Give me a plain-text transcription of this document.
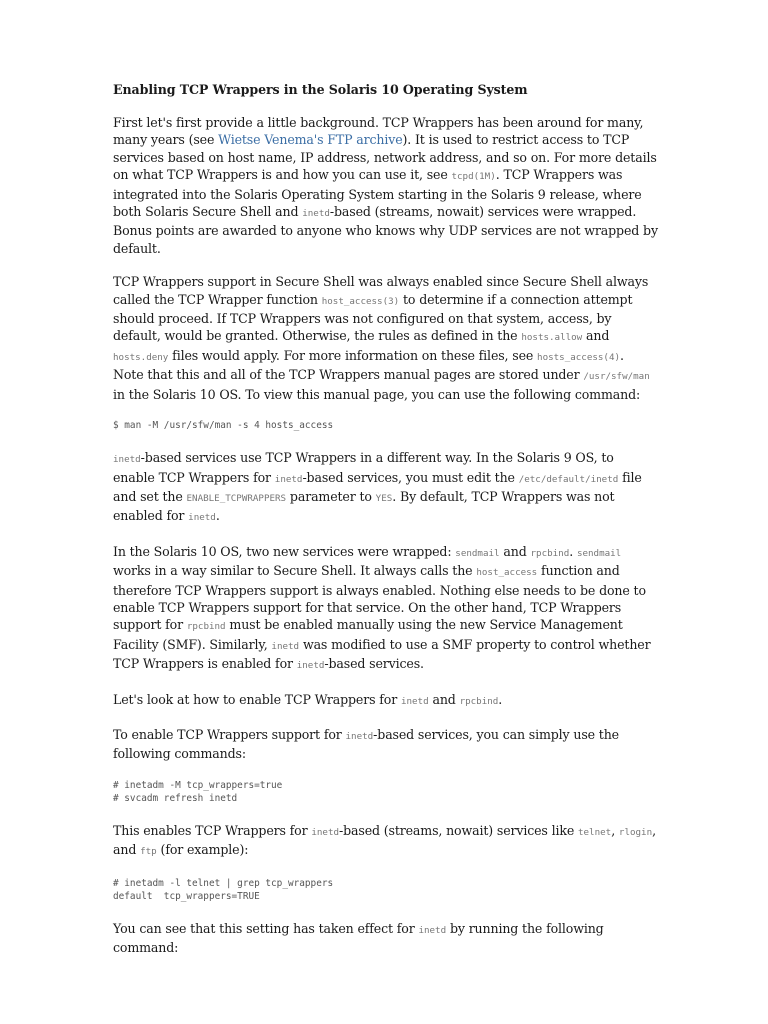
Enabling TCP Wrappers in the Solaris 10 Operating System

First let's first provide a little background. TCP Wrappers has been around for many, many years (see Wietse Venema's FTP archive). It is used to restrict access to TCP services based on host name, IP address, network address, and so on. For more details on what TCP Wrappers is and how you can use it, see tcpd(1M). TCP Wrappers was integrated into the Solaris Operating System starting in the Solaris 9 release, where both Solaris Secure Shell and inetd-based (streams, nowait) services were wrapped. Bonus points are awarded to anyone who knows why UDP services are not wrapped by default.

TCP Wrappers support in Secure Shell was always enabled since Secure Shell always called the TCP Wrapper function host_access(3) to determine if a connection attempt should proceed. If TCP Wrappers was not configured on that system, access, by default, would be granted. Otherwise, the rules as defined in the hosts.allow and hosts.deny files would apply. For more information on these files, see hosts_access(4). Note that this and all of the TCP Wrappers manual pages are stored under /usr/sfw/man in the Solaris 10 OS. To view this manual page, you can use the following command:

$ man -M /usr/sfw/man -s 4 hosts_access

inetd-based services use TCP Wrappers in a different way. In the Solaris 9 OS, to enable TCP Wrappers for inetd-based services, you must edit the /etc/default/inetd file and set the ENABLE_TCPWRAPPERS parameter to YES. By default, TCP Wrappers was not enabled for inetd.

In the Solaris 10 OS, two new services were wrapped: sendmail and rpcbind. sendmail works in a way similar to Secure Shell. It always calls the host_access function and therefore TCP Wrappers support is always enabled. Nothing else needs to be done to enable TCP Wrappers support for that service. On the other hand, TCP Wrappers support for rpcbind must be enabled manually using the new Service Management Facility (SMF). Similarly, inetd was modified to use a SMF property to control whether TCP Wrappers is enabled for inetd-based services.

Let's look at how to enable TCP Wrappers for inetd and rpcbind.

To enable TCP Wrappers support for inetd-based services, you can simply use the following commands:

# inetadm -M tcp_wrappers=true
# svcadm refresh inetd

This enables TCP Wrappers for inetd-based (streams, nowait) services like telnet, rlogin, and ftp (for example):

# inetadm -l telnet | grep tcp_wrappers
default  tcp_wrappers=TRUE

You can see that this setting has taken effect for inetd by running the following command:
